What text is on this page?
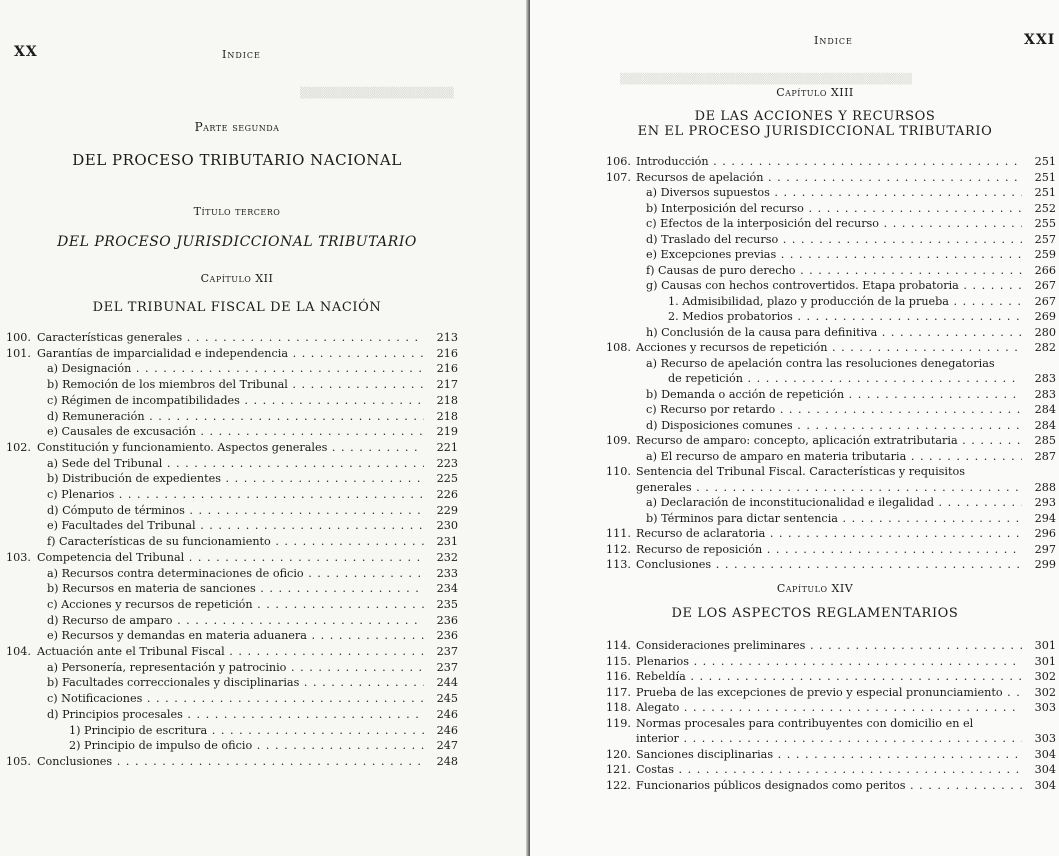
▒▒▒▒▒▒▒▒▒▒▒▒▒▒▒▒▒▒▒▒
XX	Indice
Parte segunda
DEL PROCESO TRIBUTARIO NACIONAL
Título tercero
DEL PROCESO JURISDICCIONAL TRIBUTARIO
Capítulo XII
DEL TRIBUNAL FISCAL DE LA NACIÓN
100. Características generales . . .	213
101. Garantías de imparcialidad e independencia . . .	216
a) Designación . . .	216
b) Remoción de los miembros del Tribunal . . .	217
c) Régimen de incompatibilidades . . .	218
d) Remuneración . . .	218
e) Causales de excusación . . .	219
102. Constitución y funcionamiento. Aspectos generales . . .	221
a) Sede del Tribunal . . .	223
b) Distribución de expedientes . . .	225
c) Plenarios . . .	226
d) Cómputo de términos . . .	229
e) Facultades del Tribunal . . .	230
f) Características de su funcionamiento . . .	231
103. Competencia del Tribunal . . .	232
a) Recursos contra determinaciones de oficio . . .	233
b) Recursos en materia de sanciones . . .	234
c) Acciones y recursos de repetición . . .	235
d) Recurso de amparo . . .	236
e) Recursos y demandas en materia aduanera . . .	236
104. Actuación ante el Tribunal Fiscal . . .	237
a) Personería, representación y patrocinio . . .	237
b) Facultades correccionales y disciplinarias . . .	244
c) Notificaciones . . .	245
d) Principios procesales . . .	246
1) Principio de escritura . . .	246
2) Principio de impulso de oficio . . .	247
105. Conclusiones . . .	248
▒▒▒▒▒▒▒▒▒▒▒▒▒▒▒▒▒▒▒▒▒▒▒▒▒▒▒▒▒▒▒▒▒▒▒▒▒▒
Indice	XXI
Capítulo XIII
DE LAS ACCIONES Y RECURSOS
EN EL PROCESO JURISDICCIONAL TRIBUTARIO
106. Introducción . . .	251
107. Recursos de apelación . . .	251
a) Diversos supuestos . . .	251
b) Interposición del recurso . . .	252
c) Efectos de la interposición del recurso . . .	255
d) Traslado del recurso . . .	257
e) Excepciones previas . . .	259
f) Causas de puro derecho . . .	266
g) Causas con hechos controvertidos. Etapa probatoria . . .	267
1. Admisibilidad, plazo y producción de la prueba . . .	267
2. Medios probatorios . . .	269
h) Conclusión de la causa para definitiva . . .	280
108. Acciones y recursos de repetición . . .	282
a) Recurso de apelación contra las resoluciones denegatorias
de repetición . . .	283
b) Demanda o acción de repetición . . .	283
c) Recurso por retardo . . .	284
d) Disposiciones comunes . . .	284
109. Recurso de amparo: concepto, aplicación extratributaria . . .	285
a) El recurso de amparo en materia tributaria . . .	287
110. Sentencia del Tribunal Fiscal. Características y requisitos
generales . . .	288
a) Declaración de inconstitucionalidad e ilegalidad . . .	293
b) Términos para dictar sentencia . . .	294
111. Recurso de aclaratoria . . .	296
112. Recurso de reposición . . .	297
113. Conclusiones . . .	299
Capítulo XIV
DE LOS ASPECTOS REGLAMENTARIOS
114. Consideraciones preliminares . . .	301
115. Plenarios . . .	301
116. Rebeldía . . .	302
117. Prueba de las excepciones de previo y especial pronunciamiento . . .	302
118. Alegato . . .	303
119. Normas procesales para contribuyentes con domicilio en el
interior . . .	303
120. Sanciones disciplinarias . . .	304
121. Costas . . .	304
122. Funcionarios públicos designados como peritos . . .	304
